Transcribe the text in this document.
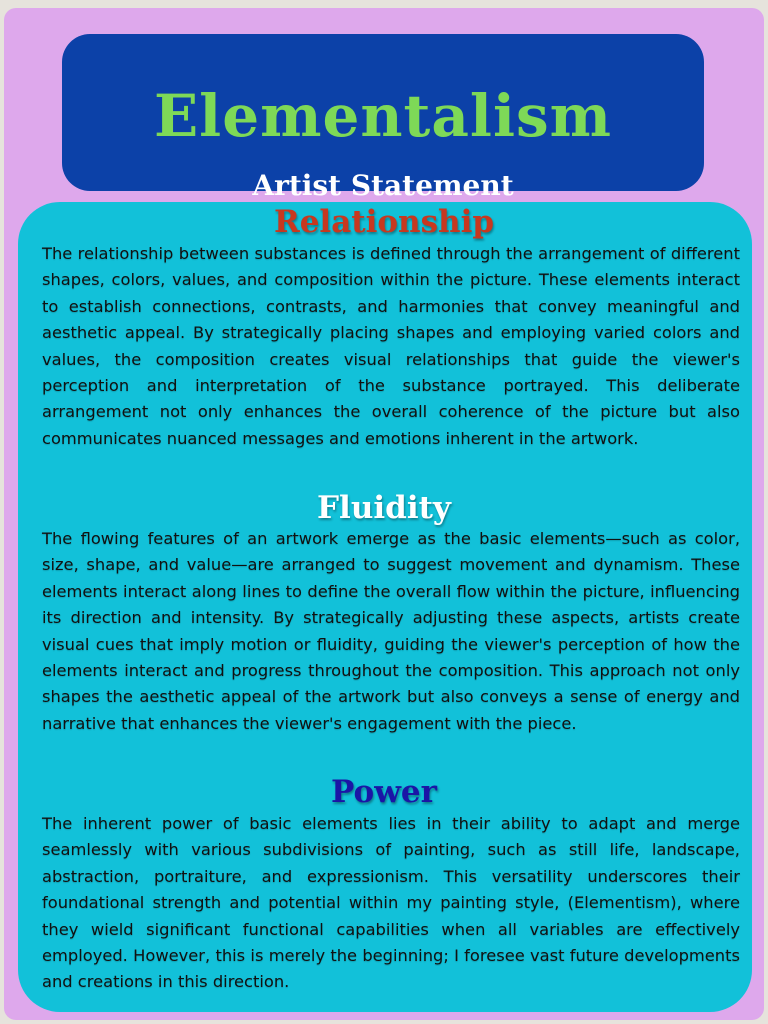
Elementalism
Artist Statement
Relationship
The relationship between substances is defined through the arrangement of different shapes, colors, values, and composition within the picture. These elements interact to establish connections, contrasts, and harmonies that convey meaningful and aesthetic appeal. By strategically placing shapes and employing varied colors and values, the composition creates visual relationships that guide the viewer's perception and interpretation of the substance portrayed. This deliberate arrangement not only enhances the overall coherence of the picture but also communicates nuanced messages and emotions inherent in the artwork.
Fluidity
The flowing features of an artwork emerge as the basic elements—such as color, size, shape, and value—are arranged to suggest movement and dynamism. These elements interact along lines to define the overall flow within the picture, influencing its direction and intensity. By strategically adjusting these aspects, artists create visual cues that imply motion or fluidity, guiding the viewer's perception of how the elements interact and progress throughout the composition. This approach not only shapes the aesthetic appeal of the artwork but also conveys a sense of energy and narrative that enhances the viewer's engagement with the piece.
Power
The inherent power of basic elements lies in their ability to adapt and merge seamlessly with various subdivisions of painting, such as still life, landscape, abstraction, portraiture, and expressionism. This versatility underscores their foundational strength and potential within my painting style, (Elementism), where they wield significant functional capabilities when all variables are effectively employed. However, this is merely the beginning; I foresee vast future developments and creations in this direction.
